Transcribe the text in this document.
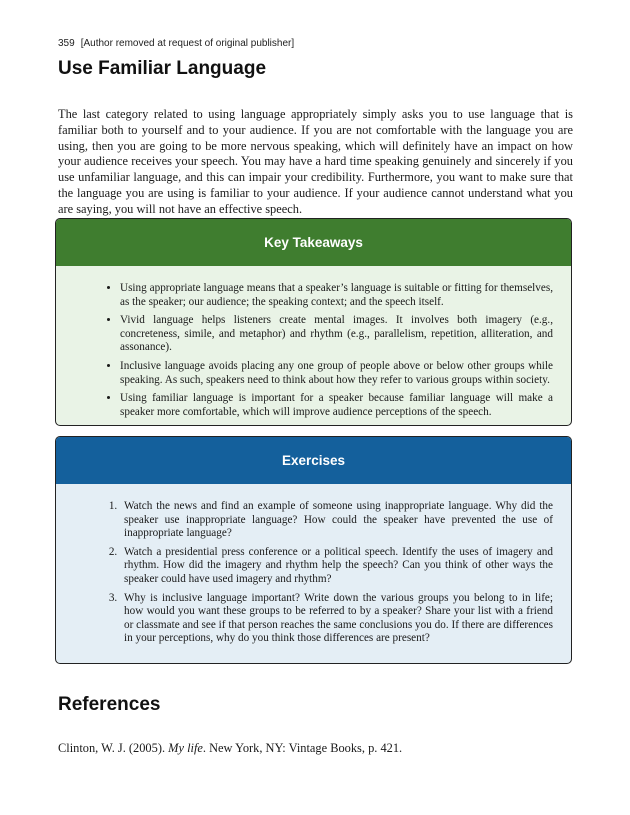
359 [Author removed at request of original publisher]
Use Familiar Language

The last category related to using language appropriately simply asks you to use language that is familiar both to yourself and to your audience. If you are not comfortable with the language you are using, then you are going to be more nervous speaking, which will definitely have an impact on how your audience receives your speech. You may have a hard time speaking genuinely and sincerely if you use unfamiliar language, and this can impair your credibility. Furthermore, you want to make sure that the language you are using is familiar to your audience. If your audience cannot understand what you are saying, you will not have an effective speech.

Key Takeaways
• Using appropriate language means that a speaker’s language is suitable or fitting for themselves, as the speaker; our audience; the speaking context; and the speech itself.
• Vivid language helps listeners create mental images. It involves both imagery (e.g., concreteness, simile, and metaphor) and rhythm (e.g., parallelism, repetition, alliteration, and assonance).
• Inclusive language avoids placing any one group of people above or below other groups while speaking. As such, speakers need to think about how they refer to various groups within society.
• Using familiar language is important for a speaker because familiar language will make a speaker more comfortable, which will improve audience perceptions of the speech.
Exercises
1. Watch the news and find an example of someone using inappropriate language. Why did the speaker use inappropriate language? How could the speaker have prevented the use of inappropriate language?
2. Watch a presidential press conference or a political speech. Identify the uses of imagery and rhythm. How did the imagery and rhythm help the speech? Can you think of other ways the speaker could have used imagery and rhythm?
3. Why is inclusive language important? Write down the various groups you belong to in life; how would you want these groups to be referred to by a speaker? Share your list with a friend or classmate and see if that person reaches the same conclusions you do. If there are differences in your perceptions, why do you think those differences are present?
References

Clinton, W. J. (2005). My life. New York, NY: Vintage Books, p. 421.
